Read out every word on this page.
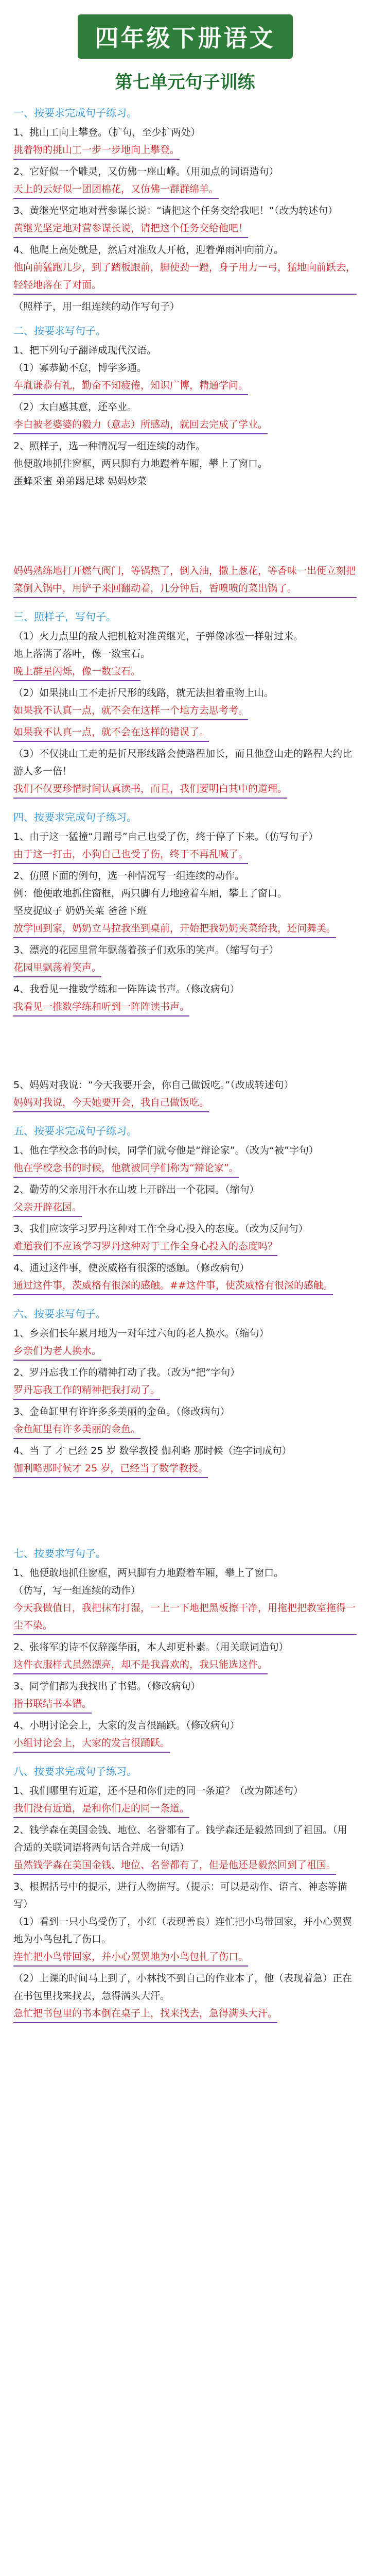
四年级下册语文
第七单元句子训练
一、按要求完成句子练习。

1、挑山工向上攀登。（扩句，至少扩两处）

挑着物的挑山工一步一步地向上攀登。

2、它好似一个雕灵，又仿佛一座山峰。（用加点的词语造句）

天上的云好似一团团棉花，又仿佛一群群绵羊。

3、黄继光坚定地对营参谋长说：“请把这个任务交给我吧！”（改为转述句）

黄继光坚定地对营参谋长说，请把这个任务交给他吧！

4、他爬上高处就是，然后对准敌人开枪，迎着弹雨冲向前方。

他向前猛跑几步，到了踏板跟前，脚使劲一蹬，身子用力一弓，猛地向前跃去，轻轻地落在了对面。

（照样子，用一组连续的动作写句子）

二、按要求写句子。

1、把下列句子翻译成现代汉语。

（1）寡恭勤不怠，博学多通。

车胤谦恭有礼，勤奋不知疲倦，知识广博，精通学问。

（2）太白感其意，还卒业。

李白被老婆婆的毅力（意志）所感动，就回去完成了学业。

2、照样子，选一种情况写一组连续的动作。

他便敢地抓住窗框，两只脚有力地蹬着车厢，攀上了窗口。

蛋蜂采蜜 弟弟踢足球 妈妈炒菜

妈妈熟练地打开燃气阀门，等锅热了，倒入油，撒上葱花，等香味一出便立刻把菜倒入锅中，用铲子来回翻动着，几分钟后，香喷喷的菜出锅了。
三、照样子，写句子。

（1）火力点里的敌人把机枪对准黄继光，子弹像冰雹一样射过来。

地上落满了落叶，像一数宝石。

晚上群星闪烁，像一数宝石。

（2）如果挑山工不走折尺形的线路，就无法担着重物上山。

如果我不认真一点，就不会在这样一个地方去思考考。
如果我不认真一点，就不会在这样的错误了。

（3）不仅挑山工走的是折尺形线路会使路程加长，而且他登山走的路程大约比游人多一倍！

我们不仅要珍惜时间认真读书，而且，我们要明白其中的道理。
四、按要求完成句子练习。

1、由于这一猛撞“月蹦号”自己也受了伤，终于停了下来。（仿写句子）

由于这一打击，小狗自己也受了伤，终于不再乱喊了。

2、仿照下面的例句，选一种情况写一组连续的动作。

例：他便敢地抓住窗框，两只脚有力地蹬着车厢，攀上了窗口。

坚皮捉蚊子 奶奶关菜 爸爸下班

放学回到家，奶奶立马拉我坐到桌前，开始把我奶奶夹菜给我，还问舞美。

3、漂亮的花园里常年飘荡着孩子们欢乐的笑声。（缩写句子）

花园里飘荡着笑声。

4、我看见一推数学练和一阵阵读书声。（修改病句）

我看见一推数学练和听到一阵阵读书声。

5、妈妈对我说：“今天我要开会，你自己做饭吃。”（改成转述句）

妈妈对我说，今天她要开会，我自己做饭吃。
五、按要求完成句子练习。

1、他在学校念书的时候，同学们就夸他是“辩论家”。（改为“被”字句）

他在学校念书的时候，他就被同学们称为“辩论家”。

2、勤劳的父亲用汗水在山坡上开辟出一个花园。（缩句）

父亲开辟花园。

3、我们应该学习罗丹这种对工作全身心投入的态度。（改为反问句）

难道我们不应该学习罗丹这种对于工作全身心投入的态度吗？

4、通过这件事，使茨威格有很深的感触。（修改病句）

通过这件事，茨威格有很深的感触。##这件事，使茨威格有很深的感触。
六、按要求写句子。

1、乡亲们长年累月地为一对年过六旬的老人换水。（缩句）

乡亲们为老人换水。

2、罗丹忘我工作的精神打动了我。（改为“把”字句）

罗丹忘我工作的精神把我打动了。

3、金鱼缸里有许许多多美丽的金鱼。（修改病句）

金鱼缸里有许多美丽的金鱼。

4、当 了 才 已经 25 岁 数学教授 伽利略 那时候（连字词成句）

伽利略那时候才 25 岁，已经当了数学教授。
七、按要求写句子。

1、他便敢地抓住窗框，两只脚有力地蹬着车厢，攀上了窗口。

（仿写，写一组连续的动作）

今天我做值日，我把抹布打湿，一上一下地把黑板擦干净，用拖把把教室拖得一尘不染。

2、张将军的诗不仅辞藻华丽，本人却更朴素。（用关联词造句）

这件衣服样式虽然漂亮，却不是我喜欢的，我只能选这件。

3、同学们都为我找出了书错。（修改病句）

指书联结书本错。

4、小明讨论会上，大家的发言很踊跃。（修改病句）

小组讨论会上，大家的发言很踊跃。
八、按要求完成句子练习。

1、我们哪里有近道，还不是和你们走的同一条道？（改为陈述句）

我们没有近道，是和你们走的同一条道。

2、钱学森在美国金钱、地位、名誉都有了。钱学森还是毅然回到了祖国。（用合适的关联词语将两句话合并成一句话）

虽然钱学森在美国金钱、地位、名誉都有了，但是他还是毅然回到了祖国。

3、根据括号中的提示，进行人物描写。（提示：可以是动作、语言、神态等描写）

（1）看到一只小鸟受伤了，小红（表现善良）连忙把小鸟带回家，并小心翼翼地为小鸟包扎了伤口。

连忙把小鸟带回家，并小心翼翼地为小鸟包扎了伤口。

（2）上课的时间马上到了，小林找不到自己的作业本了，他（表现着急）正在在书包里找来找去，急得满头大汗。

急忙把书包里的书本倒在桌子上，找来找去，急得满头大汗。
